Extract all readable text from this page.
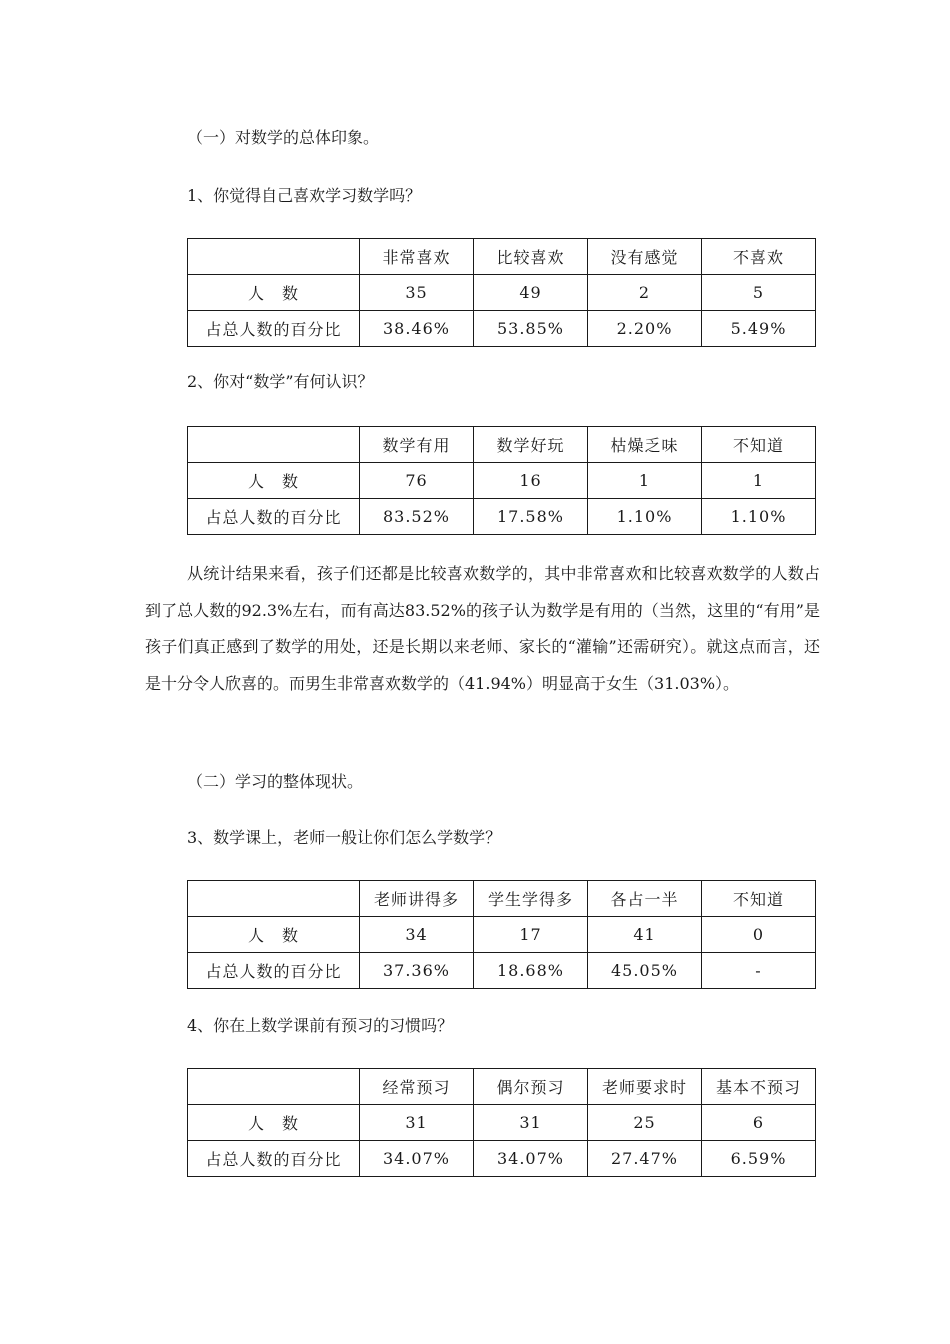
（一）对数学的总体印象。
1、你觉得自己喜欢学习数学吗？
	非常喜欢	比较喜欢	没有感觉	不喜欢
人　数	35	49	2	5
占总人数的百分比	38.46%	53.85%	2.20%	5.49%
2、你对“数学”有何认识？
	数学有用	数学好玩	枯燥乏味	不知道
人　数	76	16	1	1
占总人数的百分比	83.52%	17.58%	1.10%	1.10%

从统计结果来看，孩子们还都是比较喜欢数学的，其中非常喜欢和比较喜欢数学的人数占到了总人数的92.3%左右，而有高达83.52%的孩子认为数学是有用的（当然，这里的“有用”是孩子们真正感到了数学的用处，还是长期以来老师、家长的“灌输”还需研究）。就这点而言，还是十分令人欣喜的。而男生非常喜欢数学的（41.94%）明显高于女生（31.03%）。

（二）学习的整体现状。
3、数学课上，老师一般让你们怎么学数学？
	老师讲得多	学生学得多	各占一半	不知道
人　数	34	17	41	0
占总人数的百分比	37.36%	18.68%	45.05%	-
4、你在上数学课前有预习的习惯吗？
	经常预习	偶尔预习	老师要求时	基本不预习
人　数	31	31	25	6
占总人数的百分比	34.07%	34.07%	27.47%	6.59%
